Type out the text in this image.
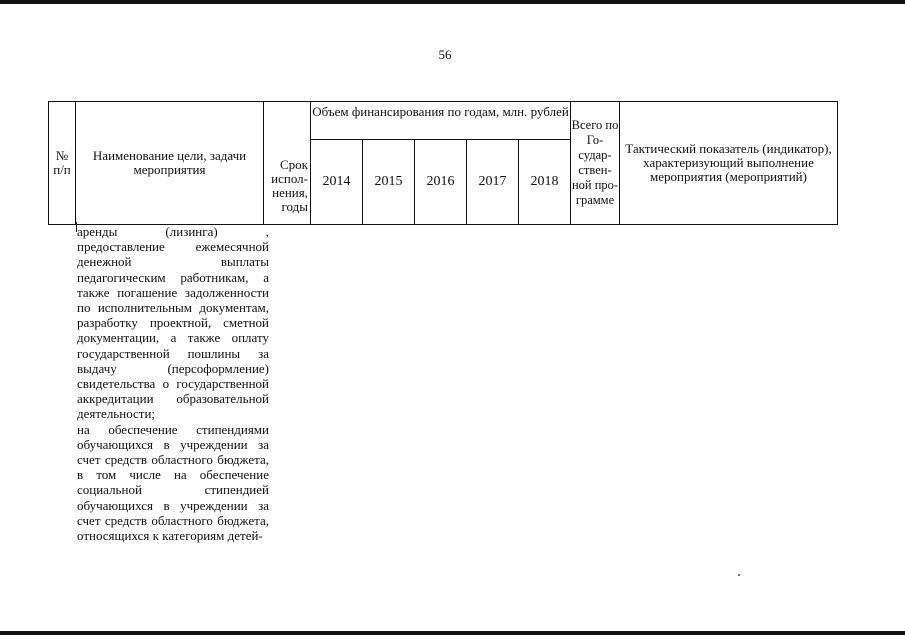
56
№ п/п	Наименование цели, задачи мероприятия	Срок испол-нения, годы	Объем финансирования по годам, млн. рублей					Всего по Го-судар-ствен-ной про-грамме	Тактический показатель (индикатор), характеризующий выполнение мероприятия (мероприятий)
			2014	2015	2016	2017	2018		

аренды (лизинга) , предоставление ежемесячной денежной выплаты педагогическим работникам, а также погашение задолженности по исполнительным документам, разработку проектной, сметной документации, а также оплату государственной пошлины за выдачу (персоформление) свидетельства о государственной аккредитации образовательной деятельности;

на обеспечение стипендиями обучающихся в учреждении за счет средств областного бюджета, в том числе на обеспечение социальной стипендией обучающихся в учреждении за счет средств областного бюджета, относящихся к категориям детей-
